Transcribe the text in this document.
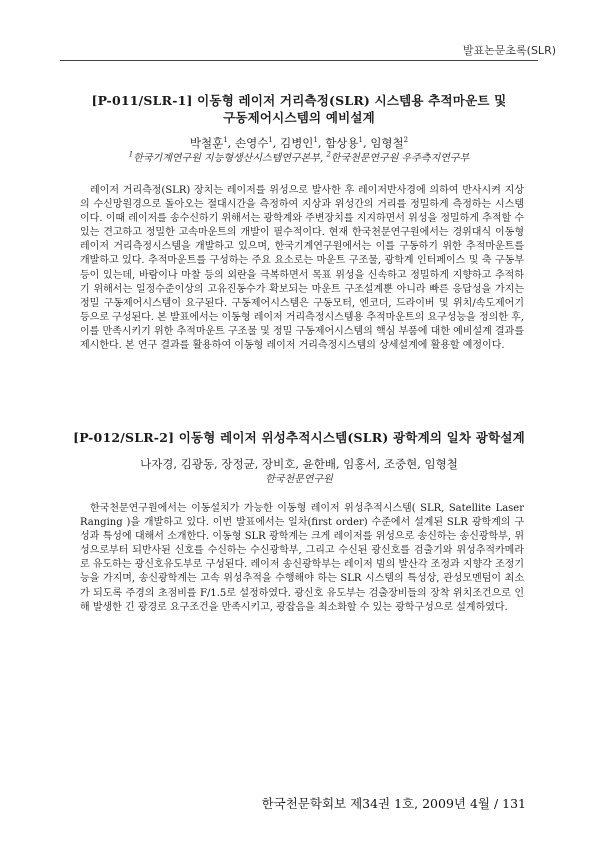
발표논문초록(SLR)
[P-011/SLR-1] 이동형 레이저 거리측정(SLR) 시스템용 추적마운트 및
구동제어시스템의 예비설계
박철훈$^1$, 손영수$^1$, 김병인$^1$, 함상용$^1$, 임형철$^2$
$^1$한국기계연구원 지능형생산시스템연구본부, $^2$한국천문연구원 우주측지연구부

레이저 거리측정(SLR) 장치는 레이저를 위성으로 발사한 후 레이저반사경에 의하여 반사시켜 지상의 수신망원경으로 돌아오는 절대시간을 측정하여 지상과 위성간의 거리를 정밀하게 측정하는 시스템이다. 이때 레이저를 송수신하기 위해서는 광학계와 주변장치를 지지하면서 위성을 정밀하게 추적할 수 있는 견고하고 정밀한 고속마운트의 개발이 필수적이다. 현재 한국천문연구원에서는 경위대식 이동형 레이저 거리측정시스템을 개발하고 있으며, 한국기계연구원에서는 이를 구동하기 위한 추적마운트를 개발하고 있다. 추적마운트를 구성하는 주요 요소로는 마운트 구조물, 광학계 인터페이스 및 축 구동부 등이 있는데, 바람이나 마찰 등의 외란을 극복하면서 목표 위성을 신속하고 정밀하게 지향하고 추적하기 위해서는 일정수준이상의 고유진동수가 확보되는 마운트 구조설계뿐 아니라 빠른 응답성을 가지는 정밀 구동제어시스템이 요구된다. 구동제어시스템은 구동모터, 엔코더, 드라이버 및 위치/속도제어기 등으로 구성된다. 본 발표에서는 이동형 레이저 거리측정시스템용 추적마운트의 요구성능을 정의한 후, 이를 만족시키기 위한 추적마운트 구조물 및 정밀 구동제어시스템의 핵심 부품에 대한 예비설계 결과를 제시한다. 본 연구 결과를 활용하여 이동형 레이저 거리측정시스템의 상세설계에 활용할 예정이다.

[P-012/SLR-2] 이동형 레이저 위성추적시스템(SLR) 광학계의 일차 광학설계
나자경, 김광동, 장정균, 장비호, 윤한배, 임홍서, 조중현, 임형철
한국천문연구원

한국천문연구원에서는 이동설치가 가능한 이동형 레이저 위성추적시스템( SLR, Satellite Laser Ranging )을 개발하고 있다. 이번 발표에서는 일차(first order) 수준에서 설계된 SLR 광학계의 구성과 특성에 대해서 소개한다. 이동형 SLR 광학계는 크게 레이저를 위성으로 송신하는 송신광학부, 위성으로부터 되반사된 신호를 수신하는 수신광학부, 그리고 수신된 광신호를 검출기와 위성추적카메라로 유도하는 광신호유도부로 구성된다. 레이저 송신광학부는 레이저 빔의 발산각 조정과 지향각 조정기능을 가지며, 송신광학계는 고속 위성추적을 수행해야 하는 SLR 시스템의 특성상, 관성모멘텀이 최소가 되도록 주경의 초점비를 F/1.5로 설정하였다. 광신호 유도부는 검출장비들의 장착 위치조건으로 인해 발생한 긴 광경로 요구조건을 만족시키고, 광잡음을 최소화할 수 있는 광학구성으로 설계하였다.

한국천문학회보 제34권 1호, 2009년 4월 / 131
